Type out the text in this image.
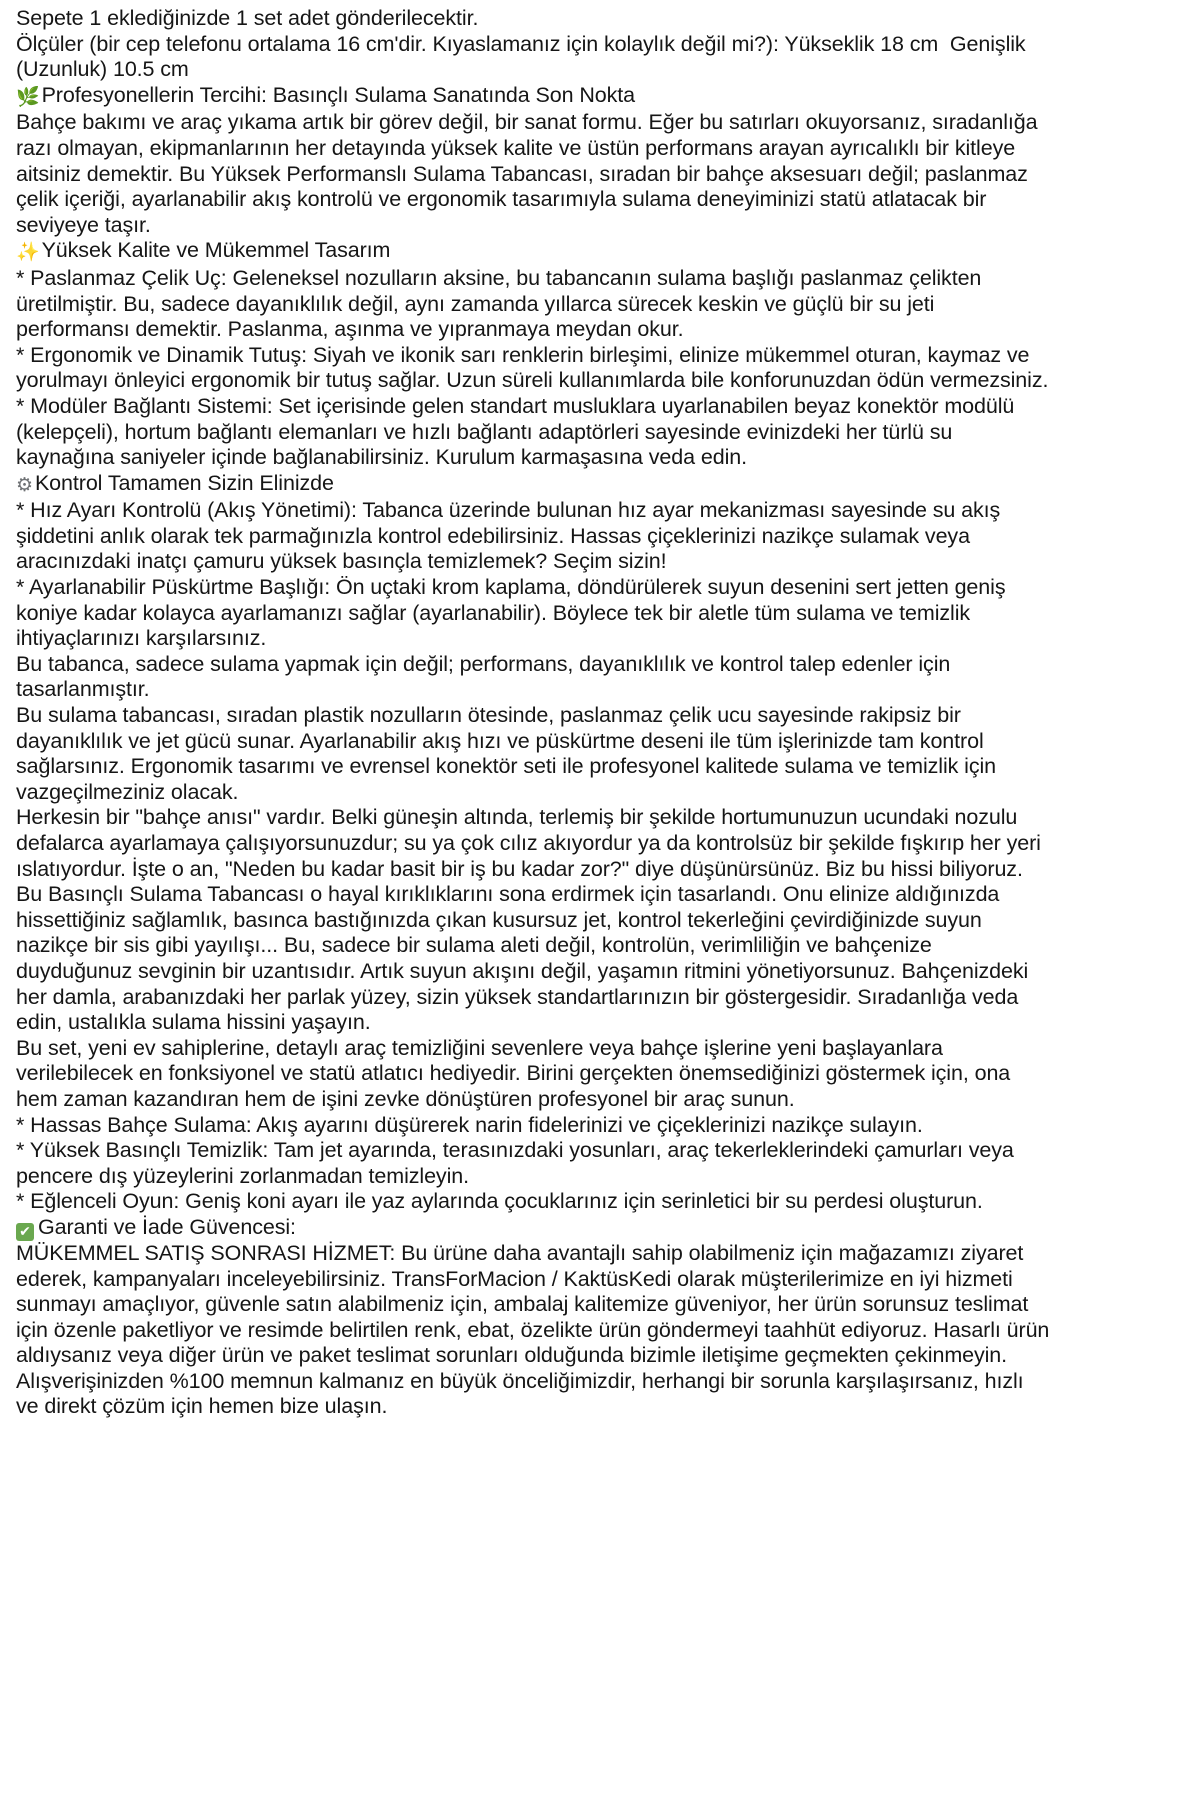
Sepete 1 eklediğinizde 1 set adet gönderilecektir.

Ölçüler (bir cep telefonu ortalama 16 cm'dir. Kıyaslamanız için kolaylık değil mi?): Yükseklik 18 cm  Genişlik (Uzunluk) 10.5 cm

🌿Profesyonellerin Tercihi: Basınçlı Sulama Sanatında Son Nokta

Bahçe bakımı ve araç yıkama artık bir görev değil, bir sanat formu. Eğer bu satırları okuyorsanız, sıradanlığa razı olmayan, ekipmanlarının her detayında yüksek kalite ve üstün performans arayan ayrıcalıklı bir kitleye aitsiniz demektir. Bu Yüksek Performanslı Sulama Tabancası, sıradan bir bahçe aksesuarı değil; paslanmaz çelik içeriği, ayarlanabilir akış kontrolü ve ergonomik tasarımıyla sulama deneyiminizi statü atlatacak bir seviyeye taşır.

✨Yüksek Kalite ve Mükemmel Tasarım

* Paslanmaz Çelik Uç: Geleneksel nozulların aksine, bu tabancanın sulama başlığı paslanmaz çelikten üretilmiştir. Bu, sadece dayanıklılık değil, aynı zamanda yıllarca sürecek keskin ve güçlü bir su jeti performansı demektir. Paslanma, aşınma ve yıpranmaya meydan okur.

* Ergonomik ve Dinamik Tutuş: Siyah ve ikonik sarı renklerin birleşimi, elinize mükemmel oturan, kaymaz ve yorulmayı önleyici ergonomik bir tutuş sağlar. Uzun süreli kullanımlarda bile konforunuzdan ödün vermezsiniz.

* Modüler Bağlantı Sistemi: Set içerisinde gelen standart musluklara uyarlanabilen beyaz konektör modülü (kelepçeli), hortum bağlantı elemanları ve hızlı bağlantı adaptörleri sayesinde evinizdeki her türlü su kaynağına saniyeler içinde bağlanabilirsiniz. Kurulum karmaşasına veda edin.

⚙Kontrol Tamamen Sizin Elinizde

* Hız Ayarı Kontrolü (Akış Yönetimi): Tabanca üzerinde bulunan hız ayar mekanizması sayesinde su akış şiddetini anlık olarak tek parmağınızla kontrol edebilirsiniz. Hassas çiçeklerinizi nazikçe sulamak veya aracınızdaki inatçı çamuru yüksek basınçla temizlemek? Seçim sizin!

* Ayarlanabilir Püskürtme Başlığı: Ön uçtaki krom kaplama, döndürülerek suyun desenini sert jetten geniş koniye kadar kolayca ayarlamanızı sağlar (ayarlanabilir). Böylece tek bir aletle tüm sulama ve temizlik ihtiyaçlarınızı karşılarsınız.

Bu tabanca, sadece sulama yapmak için değil; performans, dayanıklılık ve kontrol talep edenler için tasarlanmıştır.

Bu sulama tabancası, sıradan plastik nozulların ötesinde, paslanmaz çelik ucu sayesinde rakipsiz bir dayanıklılık ve jet gücü sunar. Ayarlanabilir akış hızı ve püskürtme deseni ile tüm işlerinizde tam kontrol sağlarsınız. Ergonomik tasarımı ve evrensel konektör seti ile profesyonel kalitede sulama ve temizlik için vazgeçilmeziniz olacak.

Herkesin bir "bahçe anısı" vardır. Belki güneşin altında, terlemiş bir şekilde hortumunuzun ucundaki nozulu defalarca ayarlamaya çalışıyorsunuzdur; su ya çok cılız akıyordur ya da kontrolsüz bir şekilde fışkırıp her yeri ıslatıyordur. İşte o an, "Neden bu kadar basit bir iş bu kadar zor?" diye düşünürsünüz. Biz bu hissi biliyoruz. Bu Basınçlı Sulama Tabancası o hayal kırıklıklarını sona erdirmek için tasarlandı. Onu elinize aldığınızda hissettiğiniz sağlamlık, basınca bastığınızda çıkan kusursuz jet, kontrol tekerleğini çevirdiğinizde suyun nazikçe bir sis gibi yayılışı... Bu, sadece bir sulama aleti değil, kontrolün, verimliliğin ve bahçenize duyduğunuz sevginin bir uzantısıdır. Artık suyun akışını değil, yaşamın ritmini yönetiyorsunuz. Bahçenizdeki her damla, arabanızdaki her parlak yüzey, sizin yüksek standartlarınızın bir göstergesidir. Sıradanlığa veda edin, ustalıkla sulama hissini yaşayın.

Bu set, yeni ev sahiplerine, detaylı araç temizliğini sevenlere veya bahçe işlerine yeni başlayanlara verilebilecek en fonksiyonel ve statü atlatıcı hediyedir. Birini gerçekten önemsediğinizi göstermek için, ona hem zaman kazandıran hem de işini zevke dönüştüren profesyonel bir araç sunun.

* Hassas Bahçe Sulama: Akış ayarını düşürerek narin fidelerinizi ve çiçeklerinizi nazikçe sulayın.

* Yüksek Basınçlı Temizlik: Tam jet ayarında, terasınızdaki yosunları, araç tekerleklerindeki çamurları veya pencere dış yüzeylerini zorlanmadan temizleyin.

* Eğlenceli Oyun: Geniş koni ayarı ile yaz aylarında çocuklarınız için serinletici bir su perdesi oluşturun.

✔ Garanti ve İade Güvencesi:

MÜKEMMEL SATIŞ SONRASI HİZMET: Bu ürüne daha avantajlı sahip olabilmeniz için mağazamızı ziyaret ederek, kampanyaları inceleyebilirsiniz. TransForMacion / KaktüsKedi olarak müşterilerimize en iyi hizmeti sunmayı amaçlıyor, güvenle satın alabilmeniz için, ambalaj kalitemize güveniyor, her ürün sorunsuz teslimat için özenle paketliyor ve resimde belirtilen renk, ebat, özelikte ürün göndermeyi taahhüt ediyoruz. Hasarlı ürün aldıysanız veya diğer ürün ve paket teslimat sorunları olduğunda bizimle iletişime geçmekten çekinmeyin. Alışverişinizden %100 memnun kalmanız en büyük önceliğimizdir, herhangi bir sorunla karşılaşırsanız, hızlı ve direkt çözüm için hemen bize ulaşın.
